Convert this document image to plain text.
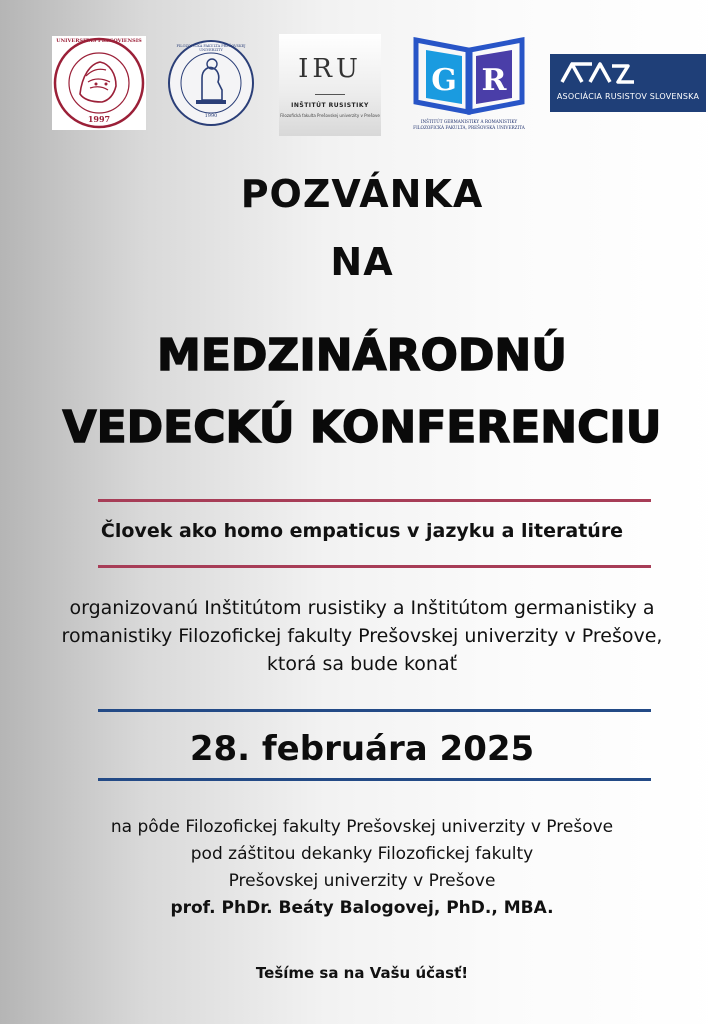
UNIVERSITAS PRESOVIENSIS
1997
FILOZOFICKÁ FAKULTA PREŠOVSKEJ UNIVERZITY
1990
IRU
INŠTITÚT RUSISTIKY
Filozofická fakulta Prešovskej univerzity v Prešove
G R
INŠTITÚT GERMANISTIKY A ROMANISTIKY
FILOZOFICKÁ FAKULTA, PREŠOVSKÁ UNIVERZITA
ASOCIÁCIA RUSISTOV SLOVENSKA
POZVÁNKA
NA
MEDZINÁRODNÚ
VEDECKÚ KONFERENCIU
Človek ako homo empaticus v jazyku a literatúre
organizovanú Inštitútom rusistiky a Inštitútom germanistiky a
romanistiky Filozofickej fakulty Prešovskej univerzity v Prešove,
ktorá sa bude konať
28. februára 2025
na pôde Filozofickej fakulty Prešovskej univerzity v Prešove
pod záštitou dekanky Filozofickej fakulty
Prešovskej univerzity v Prešove
prof. PhDr. Beáty Balogovej, PhD., MBA.
Tešíme sa na Vašu účasť!
